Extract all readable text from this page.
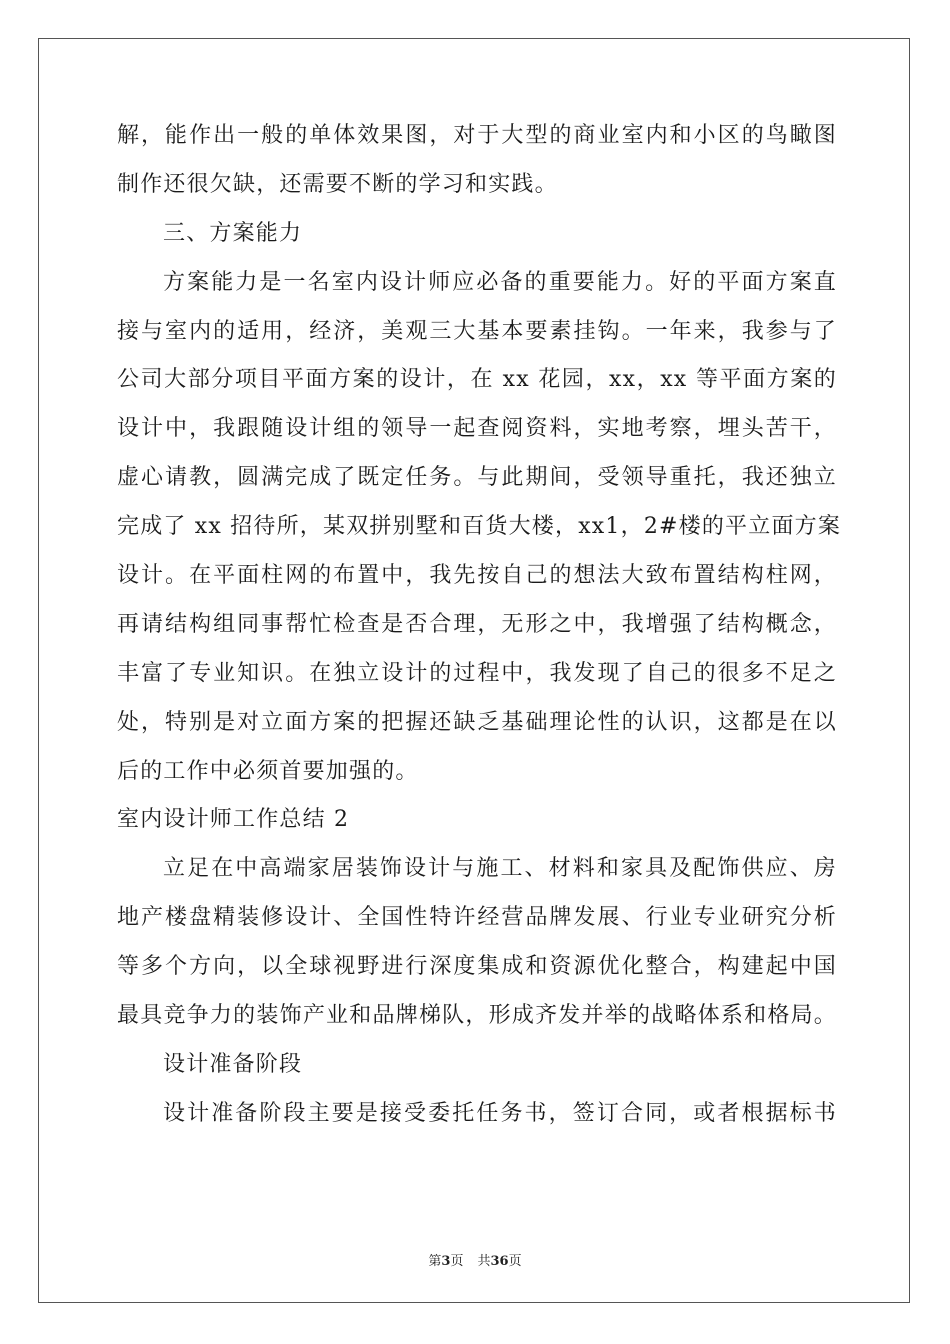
解，能作出一般的单体效果图，对于大型的商业室内和小区的鸟瞰图
制作还很欠缺，还需要不断的学习和实践。
三、方案能力
方案能力是一名室内设计师应必备的重要能力。好的平面方案直
接与室内的适用，经济，美观三大基本要素挂钩。一年来，我参与了
公司大部分项目平面方案的设计，在 xx 花园，xx，xx 等平面方案的
设计中，我跟随设计组的领导一起查阅资料，实地考察，埋头苦干，
虚心请教，圆满完成了既定任务。与此期间，受领导重托，我还独立
完成了 xx 招待所，某双拼别墅和百货大楼，xx1，2#楼的平立面方案
设计。在平面柱网的布置中，我先按自己的想法大致布置结构柱网，
再请结构组同事帮忙检查是否合理，无形之中，我增强了结构概念，
丰富了专业知识。在独立设计的过程中，我发现了自己的很多不足之
处，特别是对立面方案的把握还缺乏基础理论性的认识，这都是在以
后的工作中必须首要加强的。
室内设计师工作总结 2
立足在中高端家居装饰设计与施工、材料和家具及配饰供应、房
地产楼盘精装修设计、全国性特许经营品牌发展、行业专业研究分析
等多个方向，以全球视野进行深度集成和资源优化整合，构建起中国
最具竞争力的装饰产业和品牌梯队，形成齐发并举的战略体系和格局。
设计准备阶段
设计准备阶段主要是接受委托任务书，签订合同，或者根据标书
第3页 共36页
